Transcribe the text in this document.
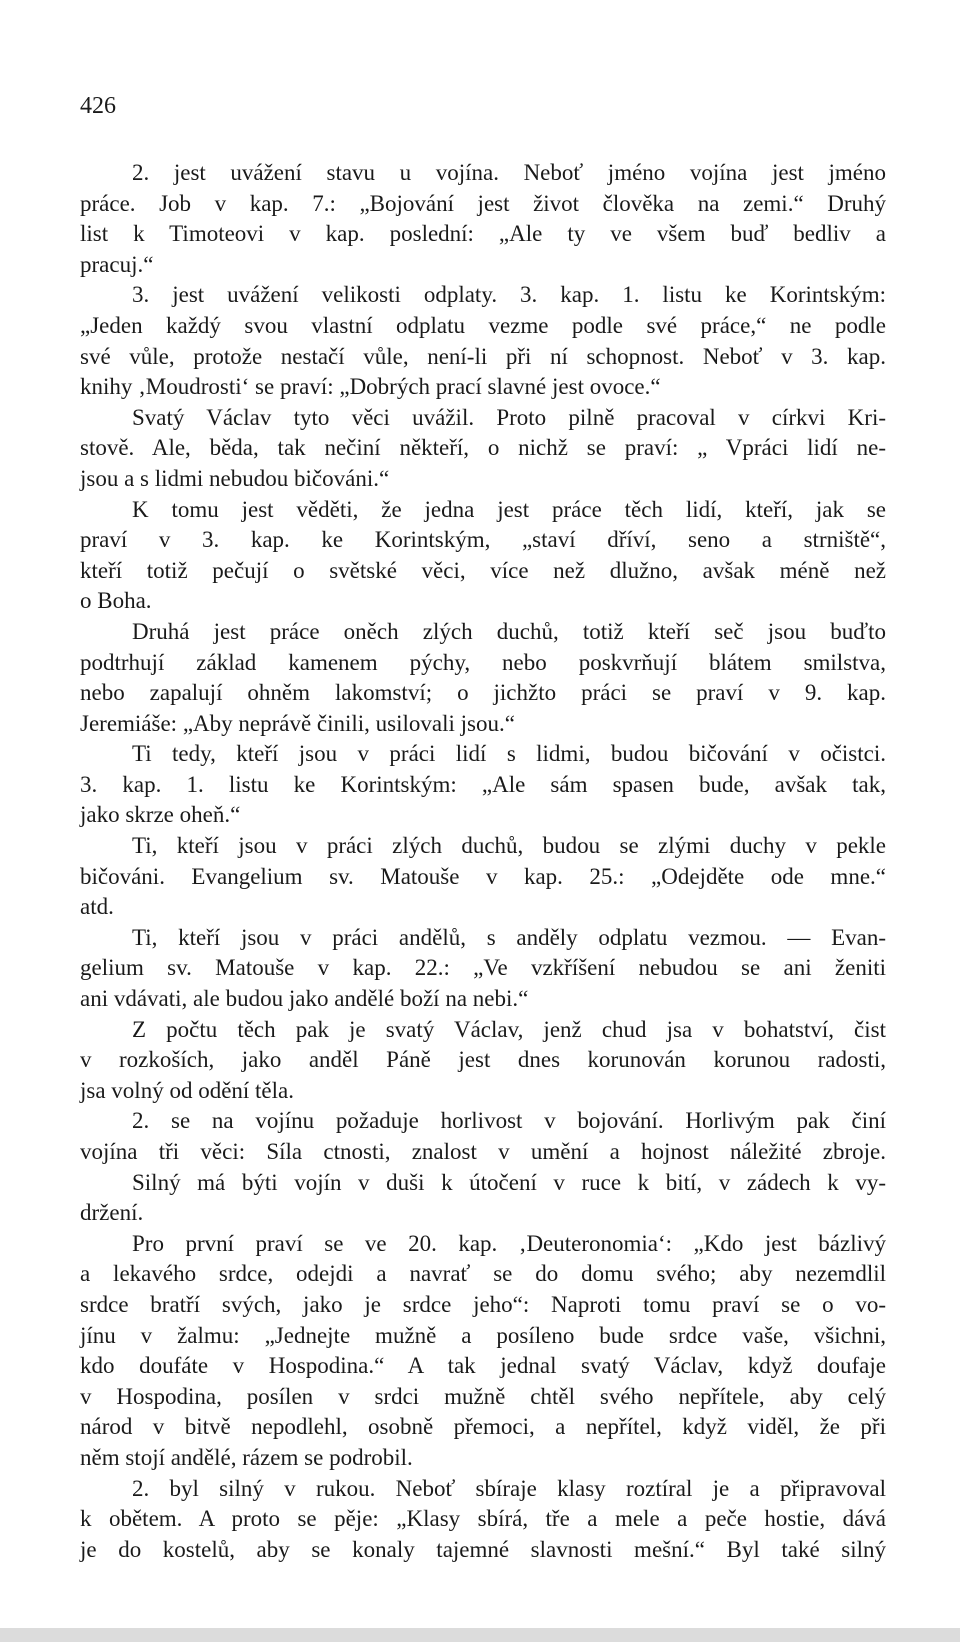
426
2. jest uvážení stavu u vojína. Neboť jméno vojína jest jméno
práce. Job v kap. 7.: „Bojování jest život člověka na zemi.“ Druhý
list k Timoteovi v kap. poslední: „Ale ty ve všem buď bedliv a
pracuj.“
3. jest uvážení velikosti odplaty. 3. kap. 1. listu ke Korintským:
„Jeden každý svou vlastní odplatu vezme podle své práce,“ ne podle
své vůle, protože nestačí vůle, není-li při ní schopnost. Neboť v 3. kap.
knihy ‚Moudrosti‘ se praví: „Dobrých prací slavné jest ovoce.“
Svatý Václav tyto věci uvážil. Proto pilně pracoval v církvi Kri-
stově. Ale, běda, tak nečiní někteří, o nichž se praví: „ Vpráci lidí ne-
jsou a s lidmi nebudou bičováni.“
K tomu jest věděti, že jedna jest práce těch lidí, kteří, jak se
praví v 3. kap. ke Korintským, „staví dříví, seno a strniště“,
kteří totiž pečují o světské věci, více než dlužno, avšak méně než
o Boha.
Druhá jest práce oněch zlých duchů, totiž kteří seč jsou buďto
podtrhují základ kamenem pýchy, nebo poskvrňují blátem smilstva,
nebo zapalují ohněm lakomství; o jichžto práci se praví v 9. kap.
Jeremiáše: „Aby neprávě činili, usilovali jsou.“
Ti tedy, kteří jsou v práci lidí s lidmi, budou bičování v očistci.
3. kap. 1. listu ke Korintským: „Ale sám spasen bude, avšak tak,
jako skrze oheň.“
Ti, kteří jsou v práci zlých duchů, budou se zlými duchy v pekle
bičováni. Evangelium sv. Matouše v kap. 25.: „Odejděte ode mne.“
atd.
Ti, kteří jsou v práci andělů, s anděly odplatu vezmou. — Evan-
gelium sv. Matouše v kap. 22.: „Ve vzkříšení nebudou se ani ženiti
ani vdávati, ale budou jako andělé boží na nebi.“
Z počtu těch pak je svatý Václav, jenž chud jsa v bohatství, čist
v rozkoších, jako anděl Páně jest dnes korunován korunou radosti,
jsa volný od odění těla.
2. se na vojínu požaduje horlivost v bojování. Horlivým pak činí
vojína tři věci: Síla ctnosti, znalost v umění a hojnost náležité zbroje.
Silný má býti vojín v duši k útočení v ruce k bití, v zádech k vy-
držení.
Pro první praví se ve 20. kap. ‚Deuteronomia‘: „Kdo jest bázlivý
a lekavého srdce, odejdi a navrať se do domu svého; aby nezemdlil
srdce bratří svých, jako je srdce jeho“: Naproti tomu praví se o vo-
jínu v žalmu: „Jednejte mužně a posíleno bude srdce vaše, všichni,
kdo doufáte v Hospodina.“ A tak jednal svatý Václav, když doufaje
v Hospodina, posílen v srdci mužně chtěl svého nepřítele, aby celý
národ v bitvě nepodlehl, osobně přemoci, a nepřítel, když viděl, že při
něm stojí andělé, rázem se podrobil.
2. byl silný v rukou. Neboť sbíraje klasy roztíral je a připravoval
k obětem. A proto se pěje: „Klasy sbírá, tře a mele a peče hostie, dává
je do kostelů, aby se konaly tajemné slavnosti mešní.“ Byl také silný
